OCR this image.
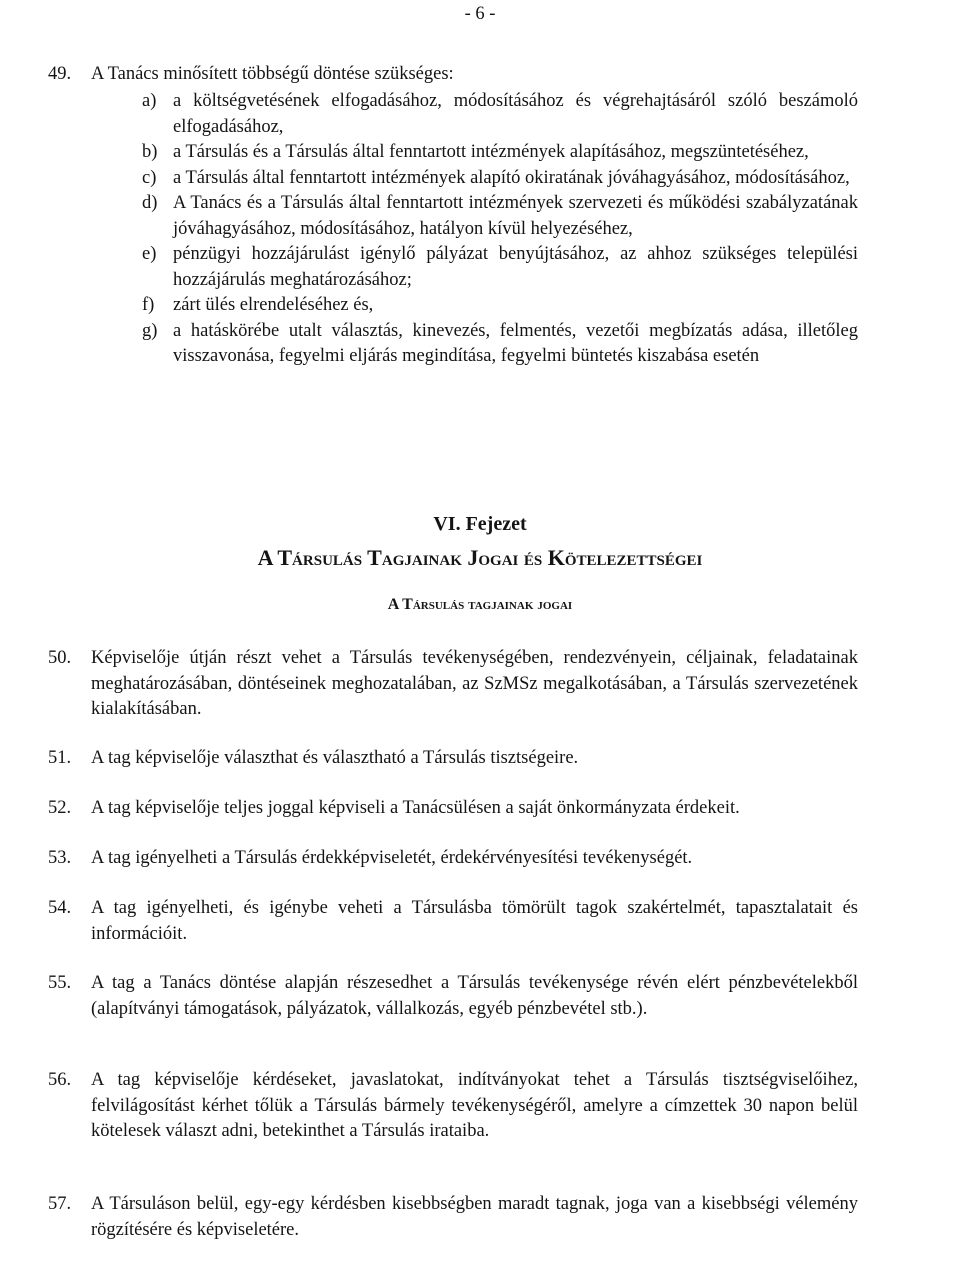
- 6 -
49. A Tanács minősített többségű döntése szükséges:
a) a költségvetésének elfogadásához, módosításához és végrehajtásáról szóló beszámoló elfogadásához,
b) a Társulás és a Társulás által fenntartott intézmények alapításához, megszüntetéséhez,
c) a Társulás által fenntartott intézmények alapító okiratának jóváhagyásához, módosításához,
d) A Tanács és a Társulás által fenntartott intézmények szervezeti és működési szabályzatának jóváhagyásához, módosításához, hatályon kívül helyezéséhez,
e) pénzügyi hozzájárulást igénylő pályázat benyújtásához, az ahhoz szükséges települési hozzájárulás meghatározásához;
f) zárt ülés elrendeléséhez és,
g) a hatáskörébe utalt választás, kinevezés, felmentés, vezetői megbízatás adása, illetőleg visszavonása, fegyelmi eljárás megindítása, fegyelmi büntetés kiszabása esetén
VI. Fejezet
A Társulás Tagjainak Jogai és Kötelezettségei
A Társulás tagjainak jogai
50. Képviselője útján részt vehet a Társulás tevékenységében, rendezvényein, céljainak, feladatainak meghatározásában, döntéseinek meghozatalában, az SzMSz megalkotásában, a Társulás szervezetének kialakításában.
51. A tag képviselője választhat és választható a Társulás tisztségeire.
52. A tag képviselője teljes joggal képviseli a Tanácsülésen a saját önkormányzata érdekeit.
53. A tag igényelheti a Társulás érdekképviseletét, érdekérvényesítési tevékenységét.
54. A tag igényelheti, és igénybe veheti a Társulásba tömörült tagok szakértelmét, tapasztalatait és információit.
55. A tag a Tanács döntése alapján részesedhet a Társulás tevékenysége révén elért pénzbevételekből (alapítványi támogatások, pályázatok, vállalkozás, egyéb pénzbevétel stb.).
56. A tag képviselője kérdéseket, javaslatokat, indítványokat tehet a Társulás tisztségviselőihez, felvilágosítást kérhet tőlük a Társulás bármely tevékenységéről, amelyre a címzettek 30 napon belül kötelesek választ adni, betekinthet a Társulás irataiba.
57. A Társuláson belül, egy-egy kérdésben kisebbségben maradt tagnak, joga van a kisebbségi vélemény rögzítésére és képviseletére.
